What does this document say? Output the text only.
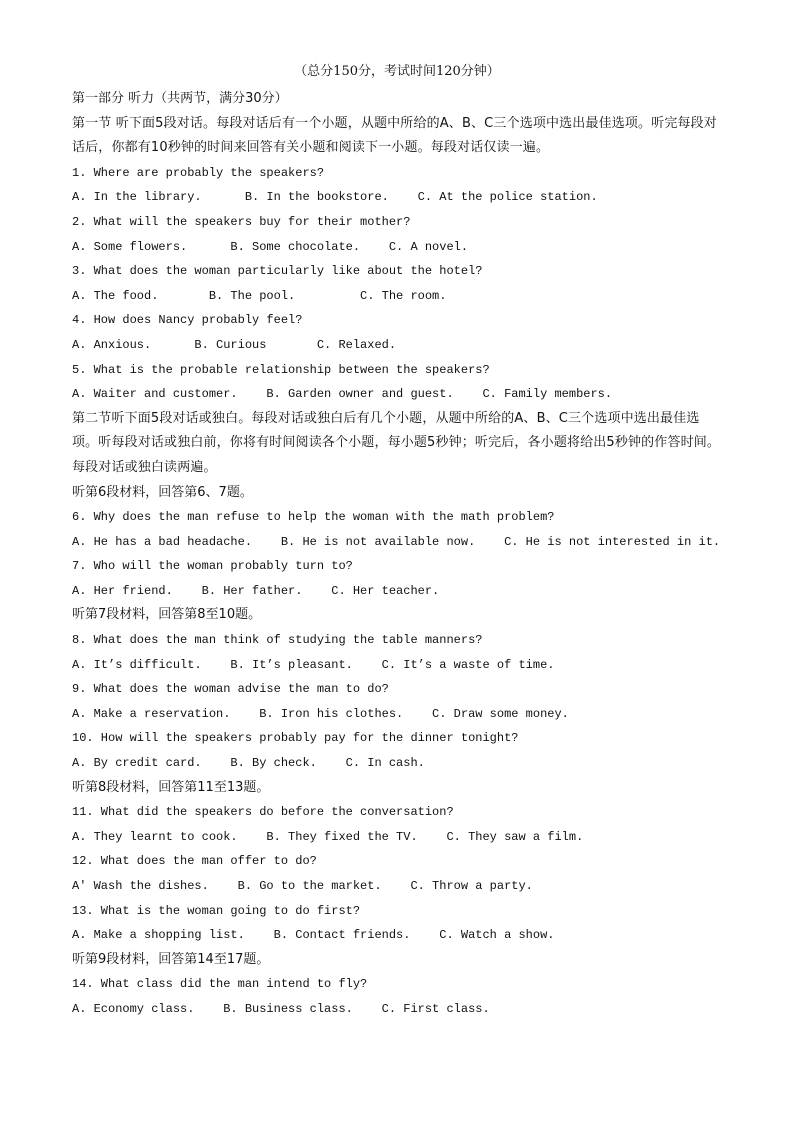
（总分150分，考试时间120分钟）
第一部分 听力（共两节，满分30分）
第一节 听下面5段对话。每段对话后有一个小题，从题中所给的A、B、C三个选项中选出最佳选项。听完每段对话后，你都有10秒钟的时间来回答有关小题和阅读下一小题。每段对话仅读一遍。
1. Where are probably the speakers?
A. In the library.      B. In the bookstore.    C. At the police station.
2. What will the speakers buy for their mother?
A. Some flowers.      B. Some chocolate.    C. A novel.
3. What does the woman particularly like about the hotel?
A. The food.       B. The pool.         C. The room.
4. How does Nancy probably feel?
A. Anxious.      B. Curious       C. Relaxed.
5. What is the probable relationship between the speakers?
A. Waiter and customer.    B. Garden owner and guest.    C. Family members.
第二节听下面5段对话或独白。每段对话或独白后有几个小题，从题中所给的A、B、C三个选项中选出最佳选项。听每段对话或独白前，你将有时间阅读各个小题，每小题5秒钟；听完后，各小题将给出5秒钟的作答时间。每段对话或独白读两遍。
听第6段材料，回答第6、7题。
6. Why does the man refuse to help the woman with the math problem?
A. He has a bad headache.    B. He is not available now.    C. He is not interested in it.
7. Who will the woman probably turn to?
A. Her friend.    B. Her father.    C. Her teacher.
听第7段材料，回答第8至10题。
8. What does the man think of studying the table manners?
A. It’s difficult.    B. It’s pleasant.    C. It’s a waste of time.
9. What does the woman advise the man to do?
A. Make a reservation.    B. Iron his clothes.    C. Draw some money.
10. How will the speakers probably pay for the dinner tonight?
A. By credit card.    B. By check.    C. In cash.
听第8段材料，回答第11至13题。
11. What did the speakers do before the conversation?
A. They learnt to cook.    B. They fixed the TV.    C. They saw a film.
12. What does the man offer to do?
A' Wash the dishes.    B. Go to the market.    C. Throw a party.
13. What is the woman going to do first?
A. Make a shopping list.    B. Contact friends.    C. Watch a show.
听第9段材料，回答第14至17题。
14. What class did the man intend to fly?
A. Economy class.    B. Business class.    C. First class.
